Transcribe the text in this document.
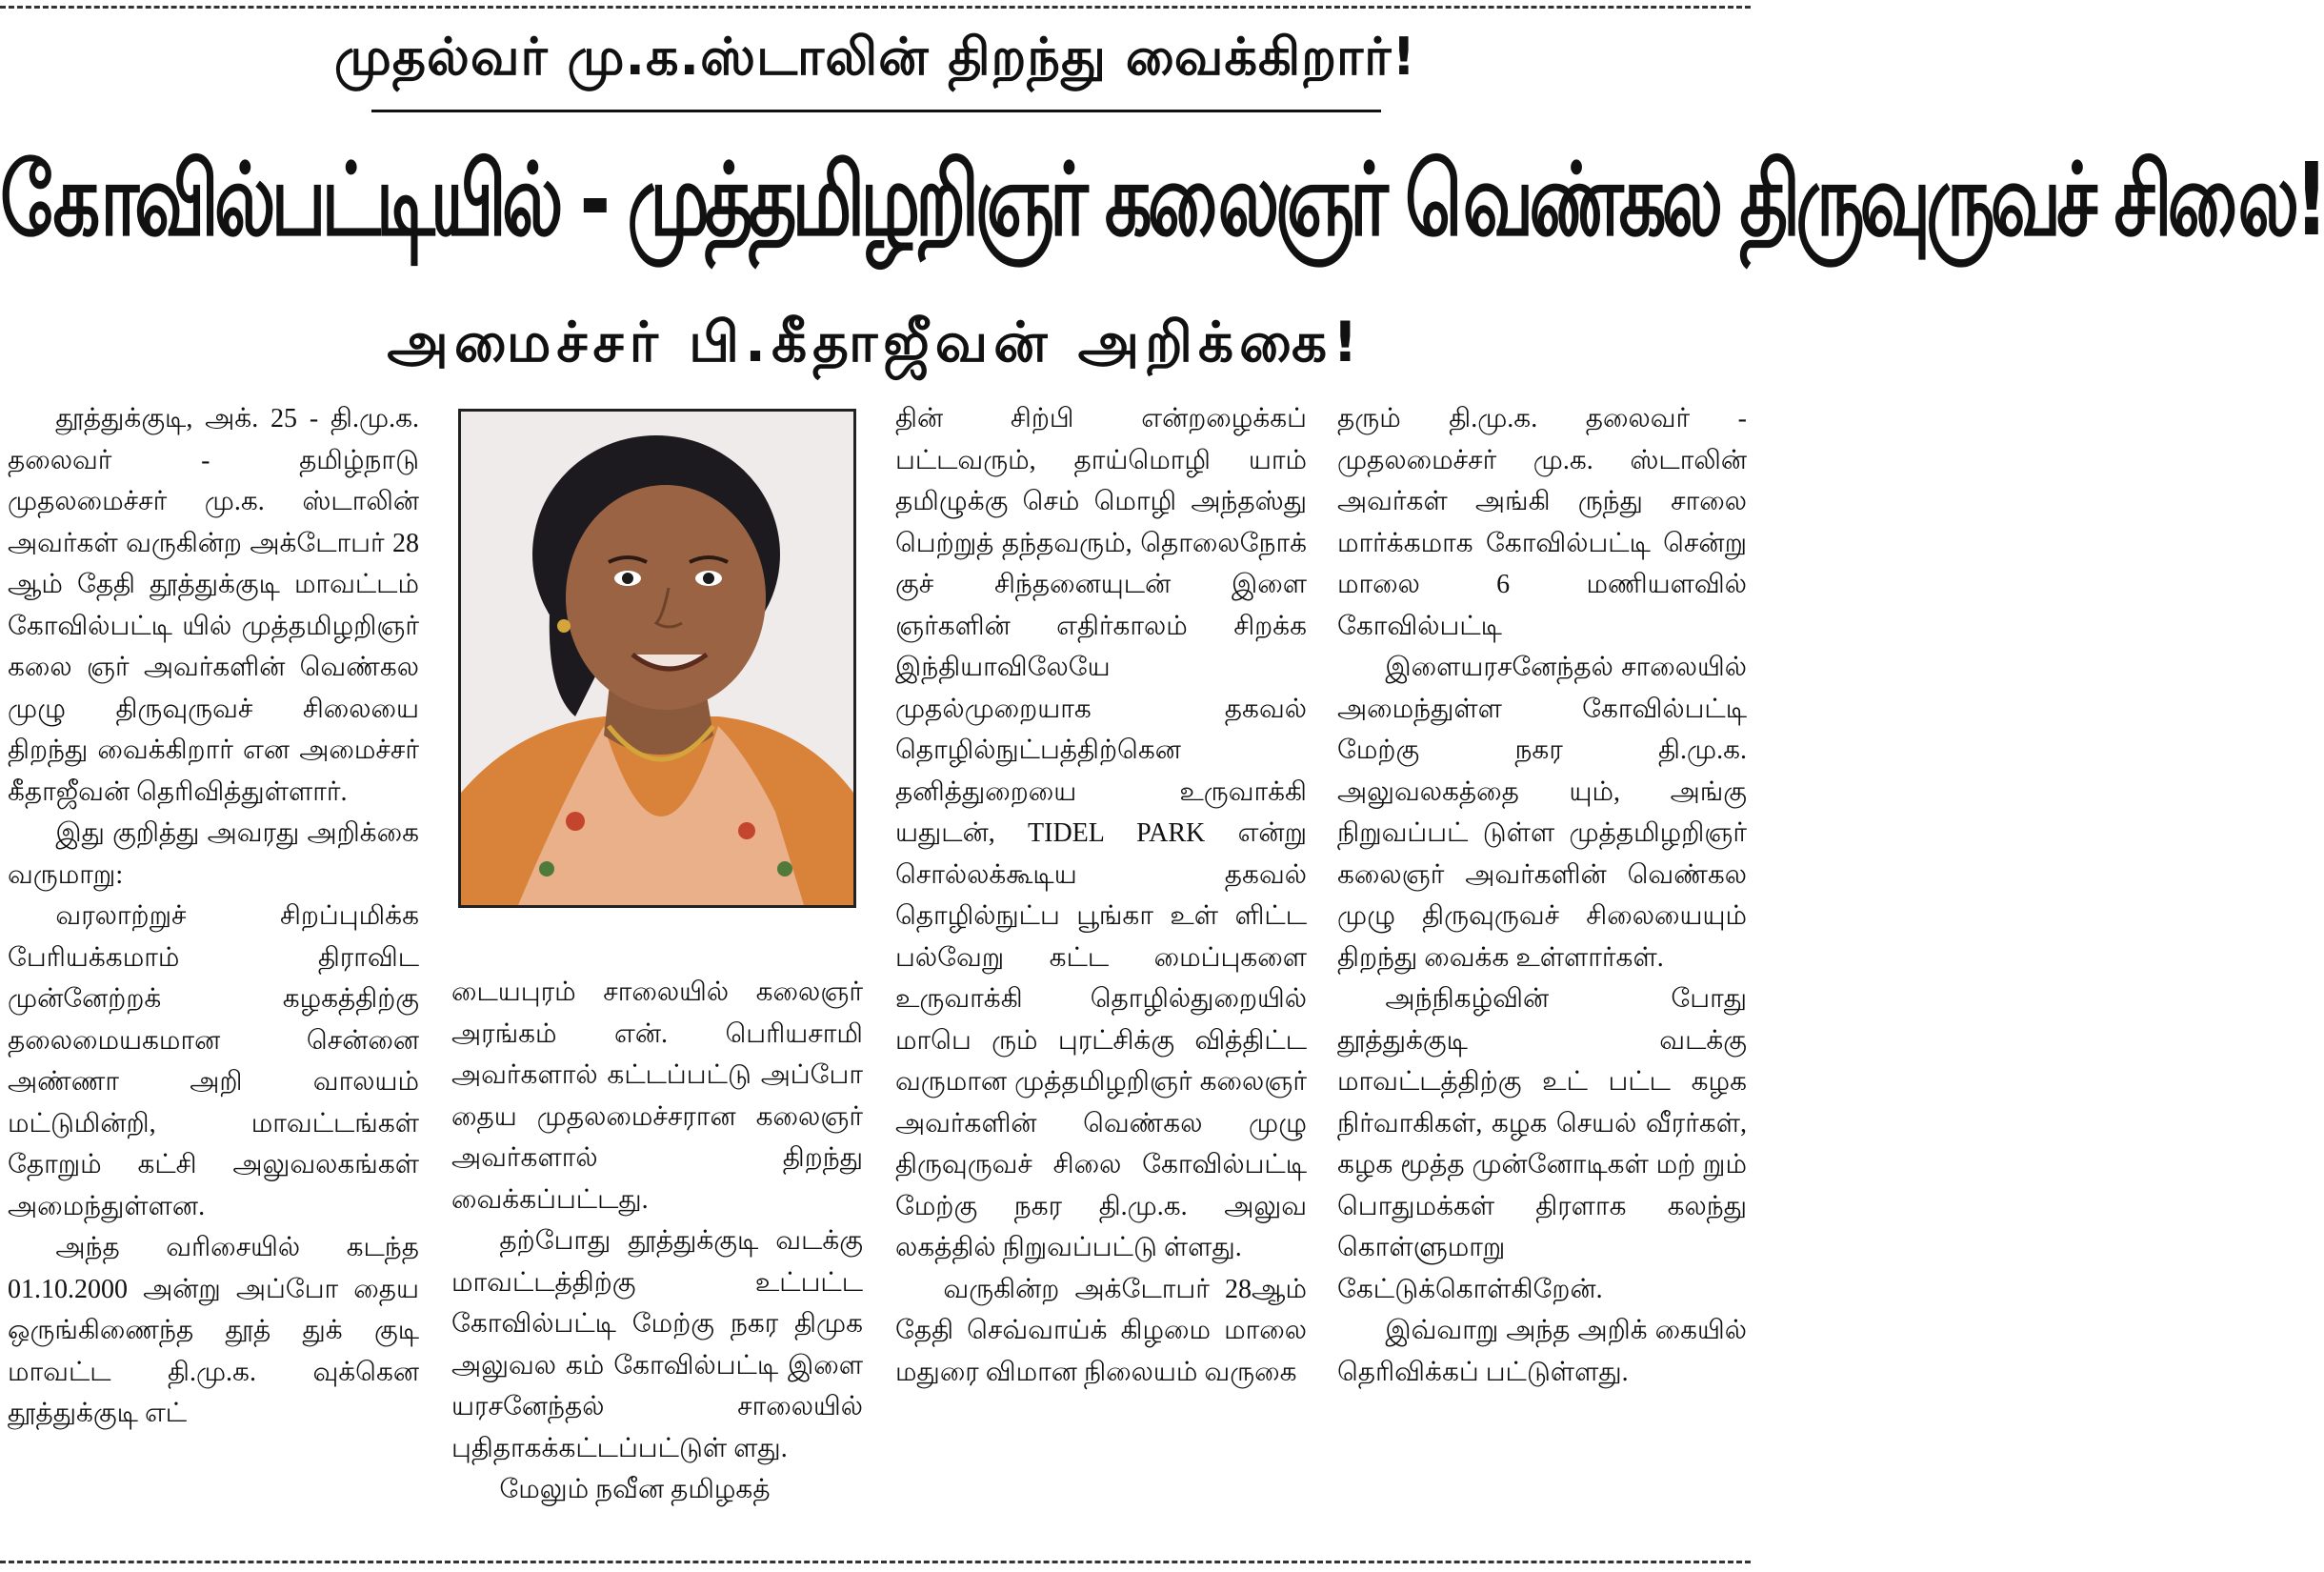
முதல்வர் மு.க.ஸ்டாலின் திறந்து வைக்கிறார்!
கோவில்பட்டியில் - முத்தமிழறிஞர் கலைஞர் வெண்கல திருவுருவச் சிலை!
அமைச்சர் பி.கீதாஜீவன் அறிக்கை!

தூத்துக்குடி, அக். 25 - தி.மு.க. தலைவர் - தமிழ்நாடு முதலமைச்சர் மு.க. ஸ்டாலின் அவர்கள் வருகின்ற அக்டோபர் 28 ஆம் தேதி தூத்துக்குடி மாவட்டம் கோவில்பட்டி யில் முத்தமிழறிஞர் கலை ஞர் அவர்களின் வெண்கல முழு திருவுருவச் சிலையை திறந்து வைக்கிறார் என அமைச்சர் கீதாஜீவன் தெரிவித்துள்ளார்.

இது குறித்து அவரது அறிக்கை வருமாறு:

வரலாற்றுச் சிறப்புமிக்க பேரியக்கமாம் திராவிட முன்னேற்றக் கழகத்திற்கு தலைமையகமான சென்னை அண்ணா அறி வாலயம் மட்டுமின்றி, மாவட்டங்கள் தோறும் கட்சி அலுவலகங்கள் அமைந்துள்ளன.

அந்த வரிசையில் கடந்த 01.10.2000 அன்று அப்போ தைய ஒருங்கிணைந்த தூத் துக் குடி மாவட்ட தி.மு.க. வுக்கென தூத்துக்குடி எட்

டையபுரம் சாலையில் கலைஞர் அரங்கம் என். பெரியசாமி அவர்களால் கட்டப்பட்டு அப்போ தைய முதலமைச்சரான கலைஞர் அவர்களால் திறந்து வைக்கப்பட்டது.

தற்போது தூத்துக்குடி வடக்கு மாவட்டத்திற்கு உட்பட்ட கோவில்பட்டி மேற்கு நகர திமுக அலுவல கம் கோவில்பட்டி இளை யரசனேந்தல் சாலையில் புதிதாகக்கட்டப்பட்டுள் ளது.

மேலும் நவீன தமிழகத்

தின் சிற்பி என்றழைக்கப் பட்டவரும், தாய்மொழி யாம் தமிழுக்கு செம் மொழி அந்தஸ்து பெற்றுத் தந்தவரும், தொலைநோக் குச் சிந்தனையுடன் இளை ஞர்களின் எதிர்காலம் சிறக்க இந்தியாவிலேயே முதல்முறையாக தகவல் தொழில்நுட்பத்திற்கென தனித்துறையை உருவாக்கி யதுடன், TIDEL PARK என்று சொல்லக்கூடிய தகவல் தொழில்நுட்ப பூங்கா உள் ளிட்ட பல்வேறு கட்ட மைப்புகளை உருவாக்கி தொழில்துறையில் மாபெ ரும் புரட்சிக்கு வித்திட்ட வருமான முத்தமிழறிஞர் கலைஞர் அவர்களின் வெண்கல முழு திருவுருவச் சிலை கோவில்பட்டி மேற்கு நகர தி.மு.க. அலுவ லகத்தில் நிறுவப்பட்டு ள்ளது.

வருகின்ற அக்டோபர் 28ஆம் தேதி செவ்வாய்க் கிழமை மாலை மதுரை விமான நிலையம் வருகை

தரும் தி.மு.க. தலைவர் - முதலமைச்சர் மு.க. ஸ்டாலின் அவர்கள் அங்கி ருந்து சாலை மார்க்கமாக கோவில்பட்டி சென்று மாலை 6 மணியளவில் கோவில்பட்டி

இளையரசனேந்தல் சாலையில் அமைந்துள்ள கோவில்பட்டி மேற்கு நகர தி.மு.க. அலுவலகத்தை யும், அங்கு நிறுவப்பட் டுள்ள முத்தமிழறிஞர் கலைஞர் அவர்களின் வெண்கல முழு திருவுருவச் சிலையையும் திறந்து வைக்க உள்ளார்கள்.

அந்நிகழ்வின் போது தூத்துக்குடி வடக்கு மாவட்டத்திற்கு உட் பட்ட கழக நிர்வாகிகள், கழக செயல் வீரர்கள், கழக மூத்த முன்னோடிகள் மற் றும் பொதுமக்கள் திரளாக கலந்து கொள்ளுமாறு கேட்டுக்கொள்கிறேன்.

இவ்வாறு அந்த அறிக் கையில் தெரிவிக்கப் பட்டுள்ளது.
